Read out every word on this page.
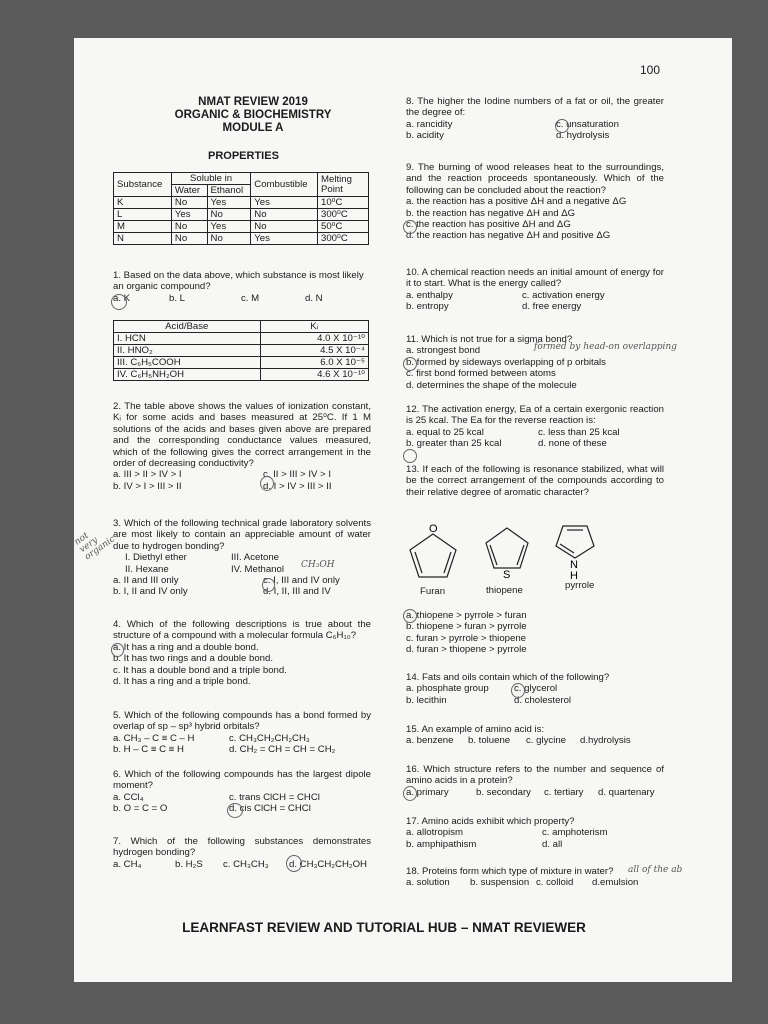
100
NMAT REVIEW 2019
ORGANIC & BIOCHEMISTRY
MODULE A
PROPERTIES
Substance	Soluble in		Combustible	Melting Point
	Water	Ethanol		
K	No	Yes	Yes	10⁰C
L	Yes	No	No	300⁰C
M	No	Yes	No	50⁰C
N	No	No	Yes	300⁰C

1. Based on the data above, which substance is most likely an organic compound?

a. K	b. L	c. M	d. N
Acid/Base	Kᵢ
I. HCN	4.0 X 10⁻¹⁰
II. HNO₂	4.5 X 10⁻⁴
III. C₆H₅COOH	6.0 X 10⁻⁵
IV. C₆H₅NH₂OH	4.6 X 10⁻¹⁰

2. The table above shows the values of ionization constant, Kᵢ for some acids and bases measured at 25⁰C. If 1 M solutions of the acids and bases given above are prepared and the corresponding conductance values measured, which of the following gives the correct arrangement in the order of decreasing conductivity?

a. III > II > IV > I	c. II > III > IV > I
b. IV > I > III > II	d. I > IV > III > II
not very organic

3. Which of the following technical grade laboratory solvents are most likely to contain an appreciable amount of water due to hydrogen bonding?

I. Diethyl ether	III. Acetone
II. Hexane	IV. Methanol CH₃OH
a. II and III only	c. I, III and IV only
b. I, II and IV only	d. I, II, III and IV

4. Which of the following descriptions is true about the structure of a compound with a molecular formula C₆H₁₀?

a. It has a ring and a double bond.
b. It has two rings and a double bond.
c. It has a double bond and a triple bond.
d. It has a ring and a triple bond.

5. Which of the following compounds has a bond formed by overlap of sp – sp³ hybrid orbitals?

a. CH₃ – C ≡ C – H	c. CH₃CH₂CH₂CH₃
b. H – C ≡ C ≡ H	d. CH₂ = CH = CH = CH₂

6. Which of the following compounds has the largest dipole moment?

a. CCl₄	c. trans ClCH = CHCl
b. O = C = O	d. cis ClCH = CHCl

7. Which of the following substances demonstrates hydrogen bonding?

a. CH₄	b. H₂S c. CH₃CH₃ d. CH₃CH₂CH₂OH

8. The higher the Iodine numbers of a fat or oil, the greater the degree of:

a. rancidity	c. unsaturation
b. acidity	d. hydrolysis

9. The burning of wood releases heat to the surroundings, and the reaction proceeds spontaneously. Which of the following can be concluded about the reaction?

a. the reaction has a positive ΔH and a negative ΔG
b. the reaction has negative ΔH and ΔG
c. the reaction has positive ΔH and ΔG
d. the reaction has negative ΔH and positive ΔG

10. A chemical reaction needs an initial amount of energy for it to start. What is the energy called?

a. enthalpy	c. activation energy
b. entropy	d. free energy

11. Which is not true for a sigma bond?

a. strongest bond	formed by head-on overlapping
b. formed by sideways overlapping of p orbitals
c. first bond formed between atoms
d. determines the shape of the molecule

12. The activation energy, Ea of a certain exergonic reaction is 25 kcal. The Ea for the reverse reaction is:

a. equal to 25 kcal	c. less than 25 kcal
b. greater than 25 kcal	d. none of these

13. If each of the following is resonance stabilized, what will be the correct arrangement of the compounds according to their relative degree of aromatic character?

O
S
N
H
Furan	thiopene	pyrrole
a. thiopene > pyrrole > furan
b. thiopene > furan > pyrrole
c. furan > pyrrole > thiopene
d. furan > thiopene > pyrrole

14. Fats and oils contain which of the following?

a. phosphate group	c. glycerol
b. lecithin	d. cholesterol

15. An example of amino acid is:

a. benzene b. toluene c. glycine d.hydrolysis

16. Which structure refers to the number and sequence of amino acids in a protein?

a. primary	b. secondary c. tertiary d. quartenary

17. Amino acids exhibit which property?

a. allotropism	c. amphoterism
b. amphipathism	d. all
18. Proteins form which type of mixture in water? all of the ab
a. solution b. suspension c. colloid d.emulsion
LEARNFAST REVIEW AND TUTORIAL HUB – NMAT REVIEWER
